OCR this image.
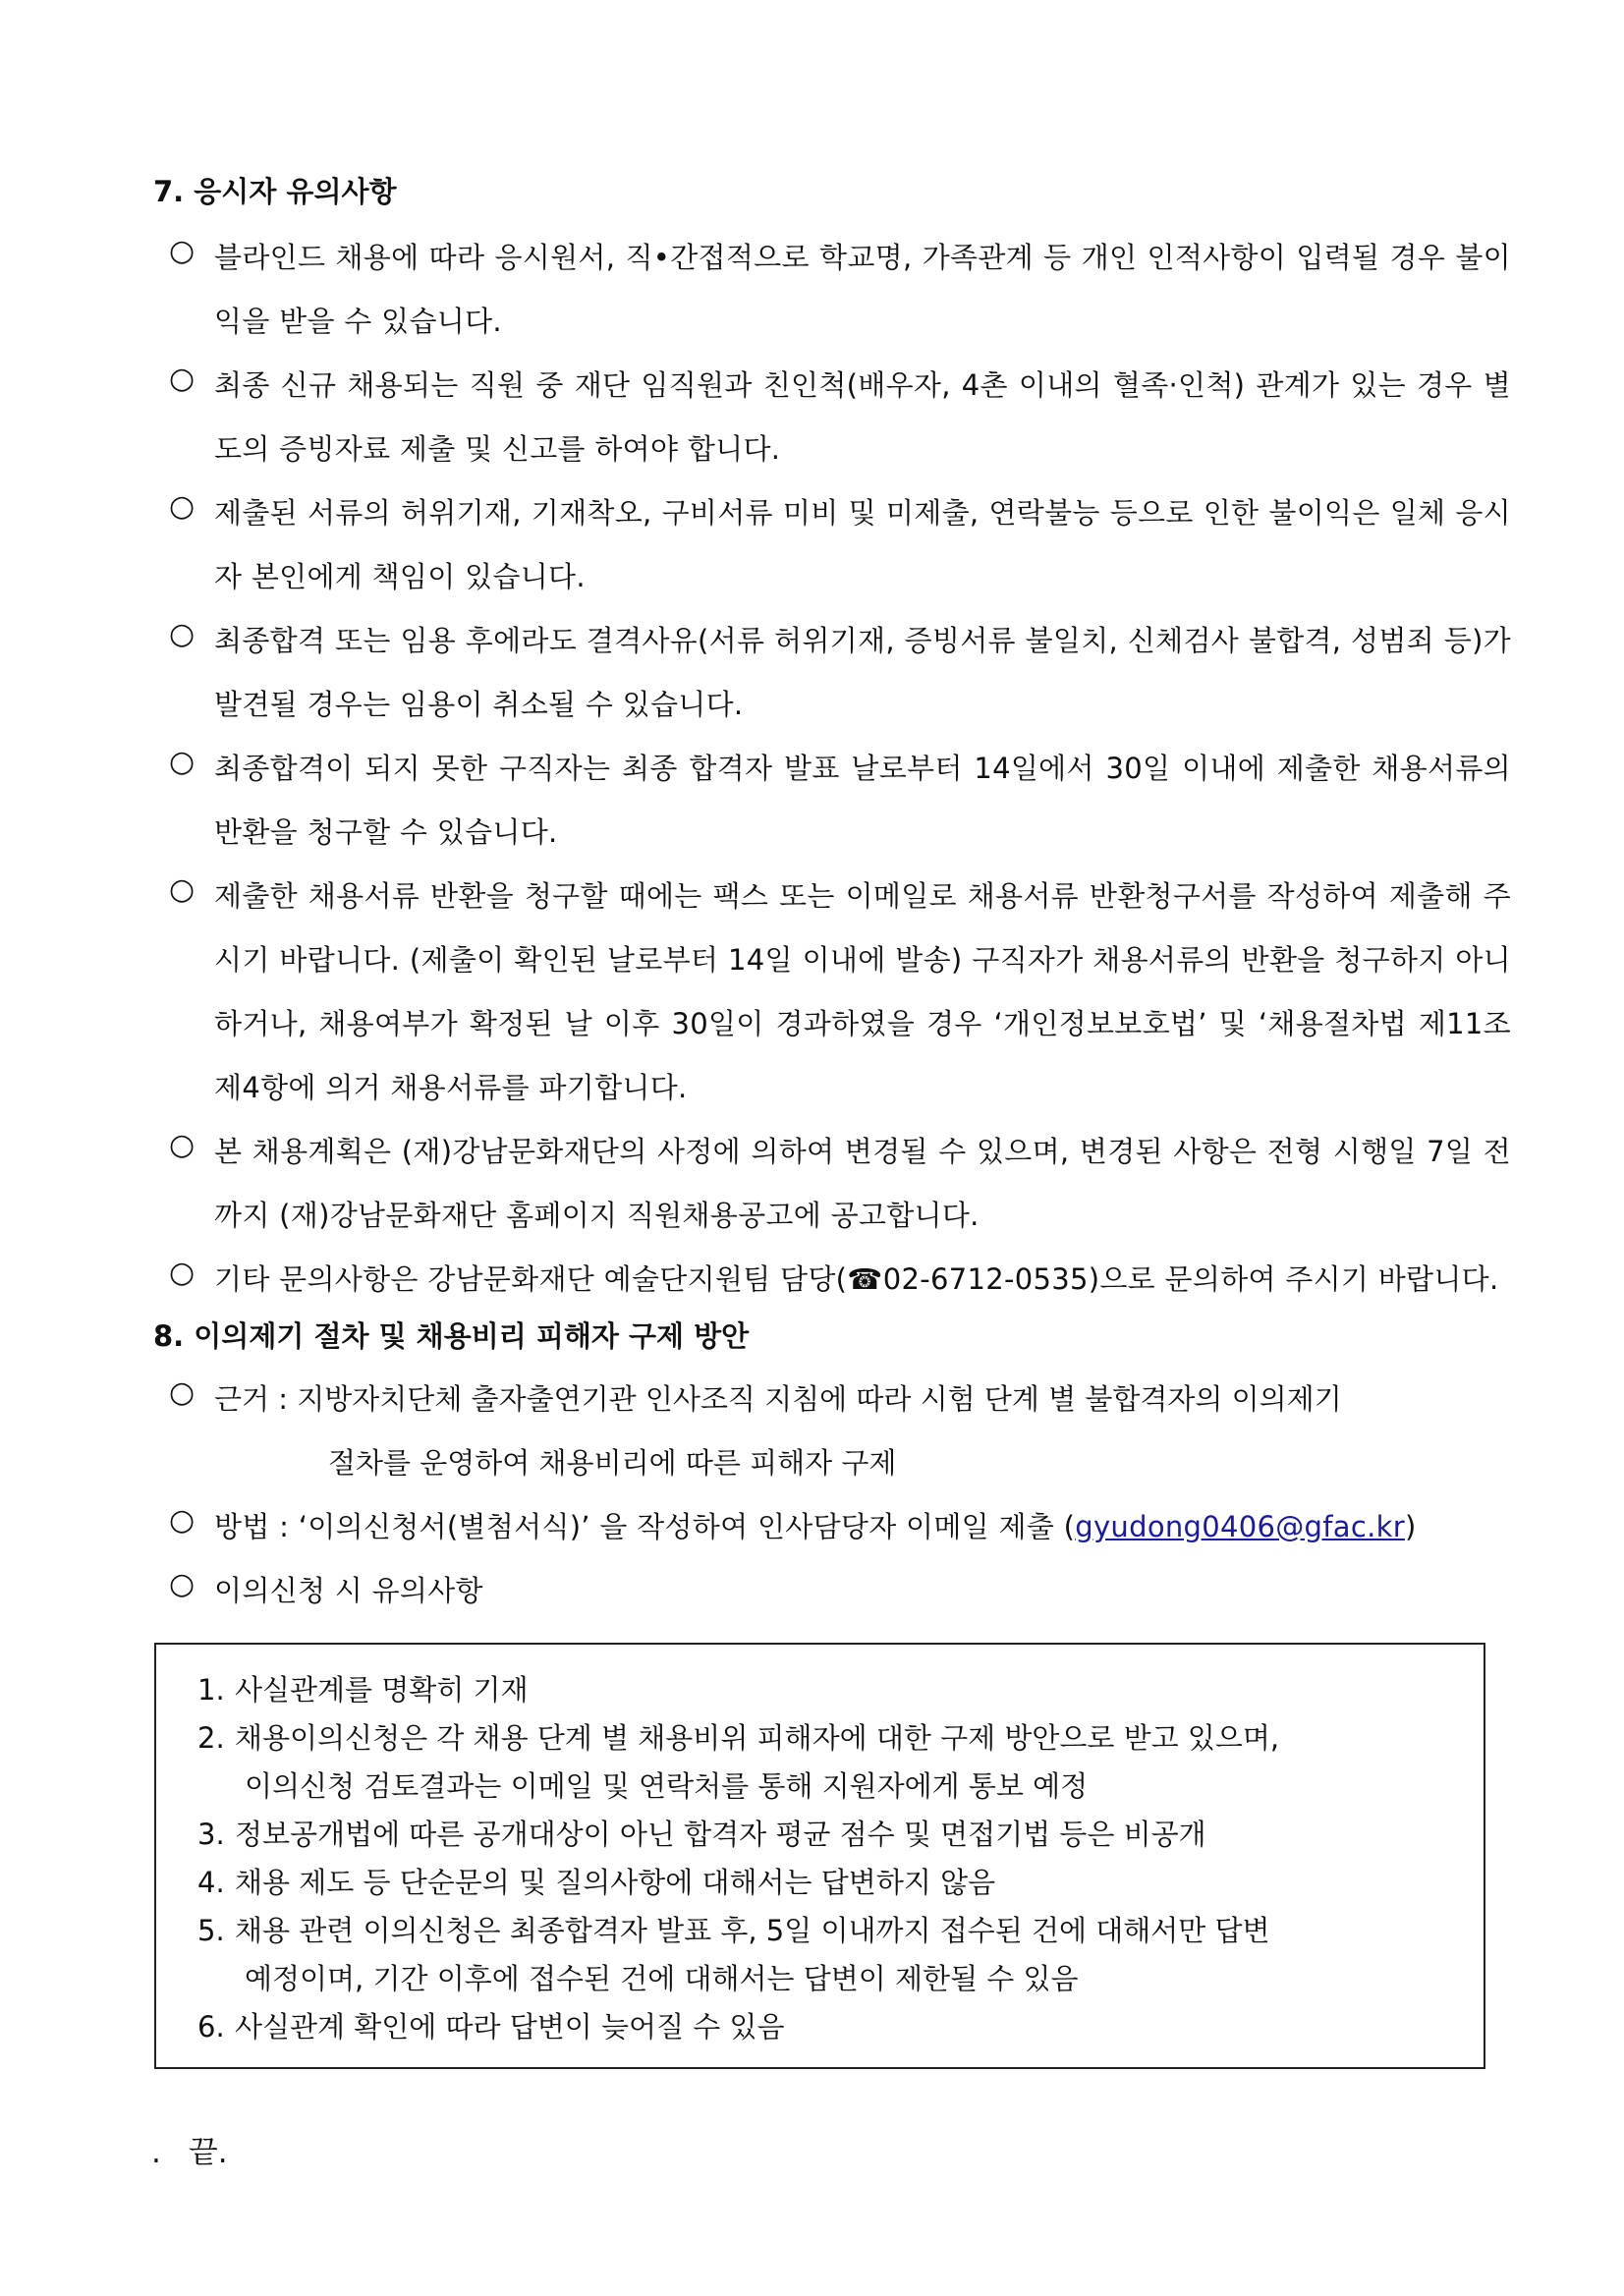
7. 응시자 유의사항
○ 블라인드 채용에 따라 응시원서, 직•간접적으로 학교명, 가족관계 등 개인 인적사항이 입력될 경우 불이익을 받을 수 있습니다.
○ 최종 신규 채용되는 직원 중 재단 임직원과 친인척(배우자, 4촌 이내의 혈족·인척) 관계가 있는 경우 별도의 증빙자료 제출 및 신고를 하여야 합니다.
○ 제출된 서류의 허위기재, 기재착오, 구비서류 미비 및 미제출, 연락불능 등으로 인한 불이익은 일체 응시자 본인에게 책임이 있습니다.
○ 최종합격 또는 임용 후에라도 결격사유(서류 허위기재, 증빙서류 불일치, 신체검사 불합격, 성범죄 등)가 발견될 경우는 임용이 취소될 수 있습니다.
○ 최종합격이 되지 못한 구직자는 최종 합격자 발표 날로부터 14일에서 30일 이내에 제출한 채용서류의 반환을 청구할 수 있습니다.
○ 제출한 채용서류 반환을 청구할 때에는 팩스 또는 이메일로 채용서류 반환청구서를 작성하여 제출해 주시기 바랍니다. (제출이 확인된 날로부터 14일 이내에 발송) 구직자가 채용서류의 반환을 청구하지 아니하거나, 채용여부가 확정된 날 이후 30일이 경과하였을 경우 ‘개인정보보호법’ 및 ‘채용절차법 제11조 제4항에 의거 채용서류를 파기합니다.
○ 본 채용계획은 (재)강남문화재단의 사정에 의하여 변경될 수 있으며, 변경된 사항은 전형 시행일 7일 전까지 (재)강남문화재단 홈페이지 직원채용공고에 공고합니다.
○ 기타 문의사항은 강남문화재단 예술단지원팀 담당(☎02-6712-0535)으로 문의하여 주시기 바랍니다.
8. 이의제기 절차 및 채용비리 피해자 구제 방안
○ 근거 : 지방자치단체 출자출연기관 인사조직 지침에 따라 시험 단계 별 불합격자의 이의제기
절차를 운영하여 채용비리에 따른 피해자 구제
○ 방법 : ‘이의신청서(별첨서식)’ 을 작성하여 인사담당자 이메일 제출 (gyudong0406@gfac.kr)
○ 이의신청 시 유의사항
1. 사실관계를 명확히 기재
2. 채용이의신청은 각 채용 단계 별 채용비위 피해자에 대한 구제 방안으로 받고 있으며,
이의신청 검토결과는 이메일 및 연락처를 통해 지원자에게 통보 예정
3. 정보공개법에 따른 공개대상이 아닌 합격자 평균 점수 및 면접기법 등은 비공개
4. 채용 제도 등 단순문의 및 질의사항에 대해서는 답변하지 않음
5. 채용 관련 이의신청은 최종합격자 발표 후, 5일 이내까지 접수된 건에 대해서만 답변
예정이며, 기간 이후에 접수된 건에 대해서는 답변이 제한될 수 있음
6. 사실관계 확인에 따라 답변이 늦어질 수 있음
. 끝.
